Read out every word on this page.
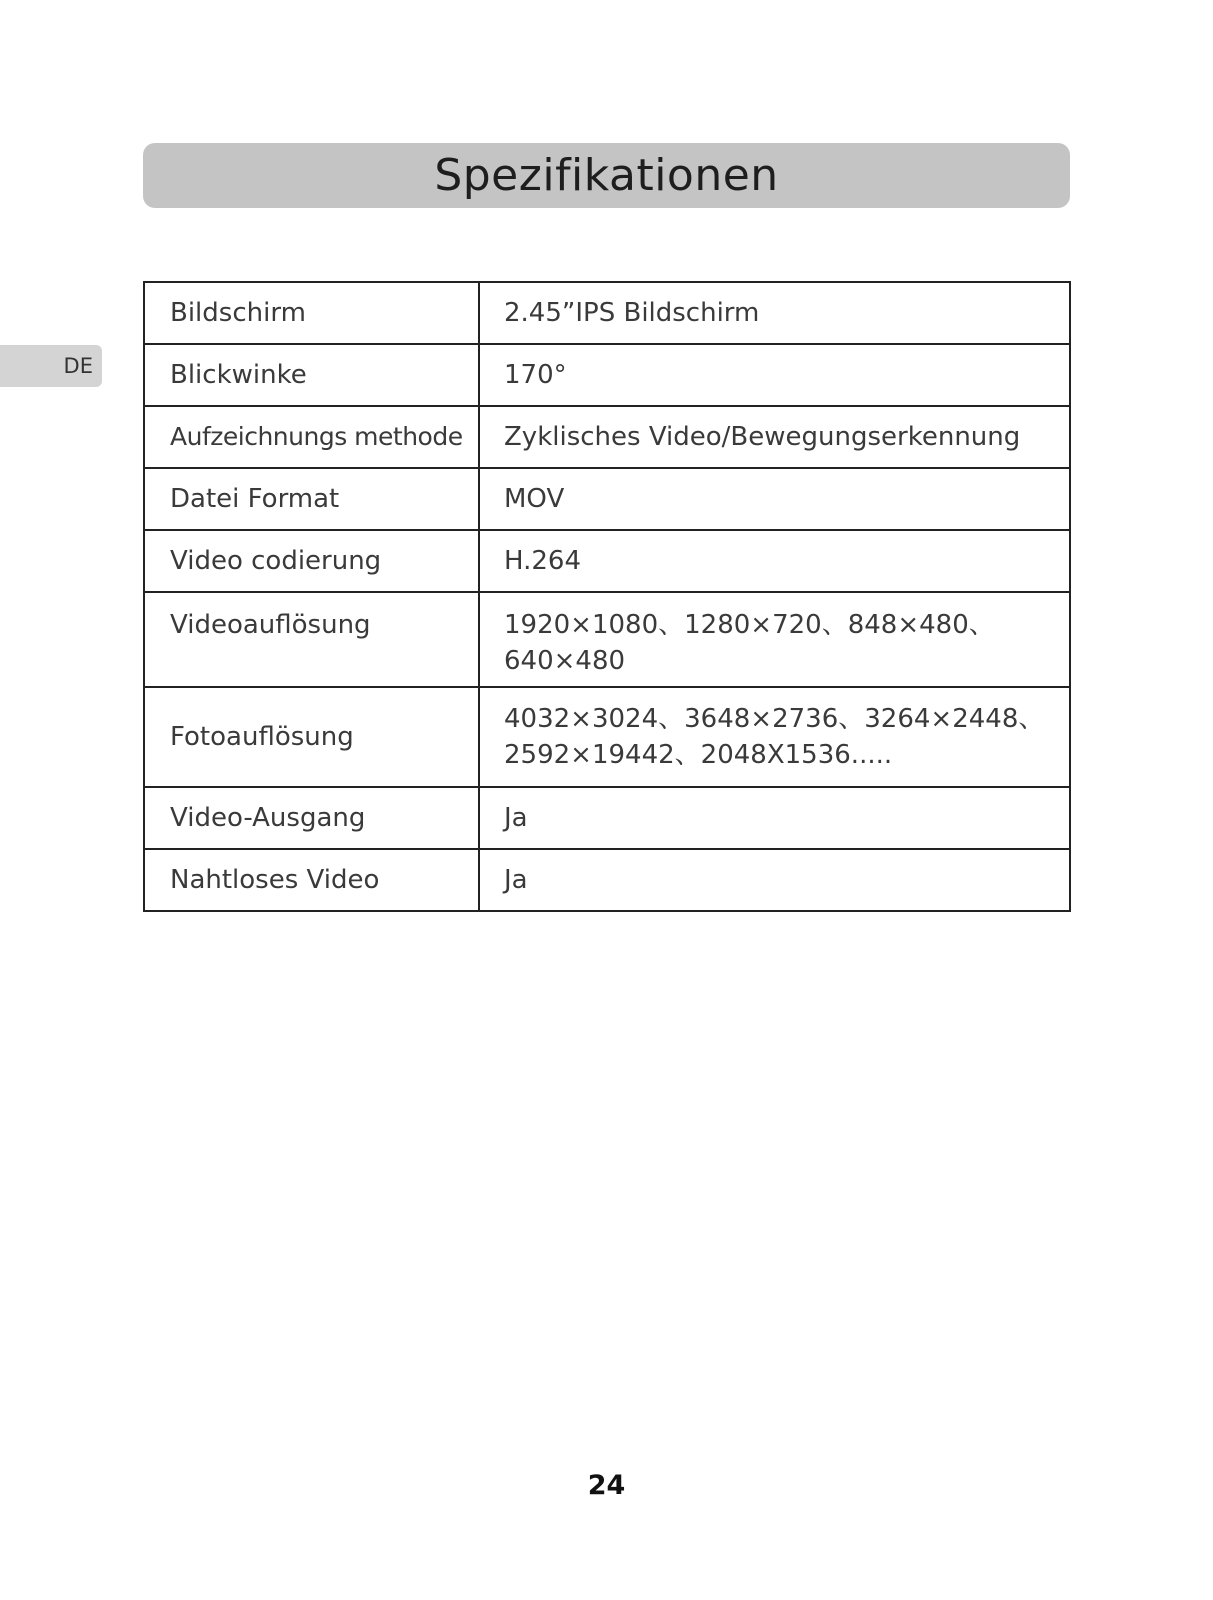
Spezifikationen
DE
Bildschirm	2.45”IPS Bildschirm
Blickwinke	170°
Aufzeichnungs methode	Zyklisches Video/Bewegungserkennung
Datei Format	MOV
Video codierung	H.264
Videoauflösung	1920×1080、1280×720、848×480、640×480
Fotoauflösung	4032×3024、3648×2736、3264×2448、2592×19442、2048X1536.....
Video-Ausgang	Ja
Nahtloses Video	Ja
24
